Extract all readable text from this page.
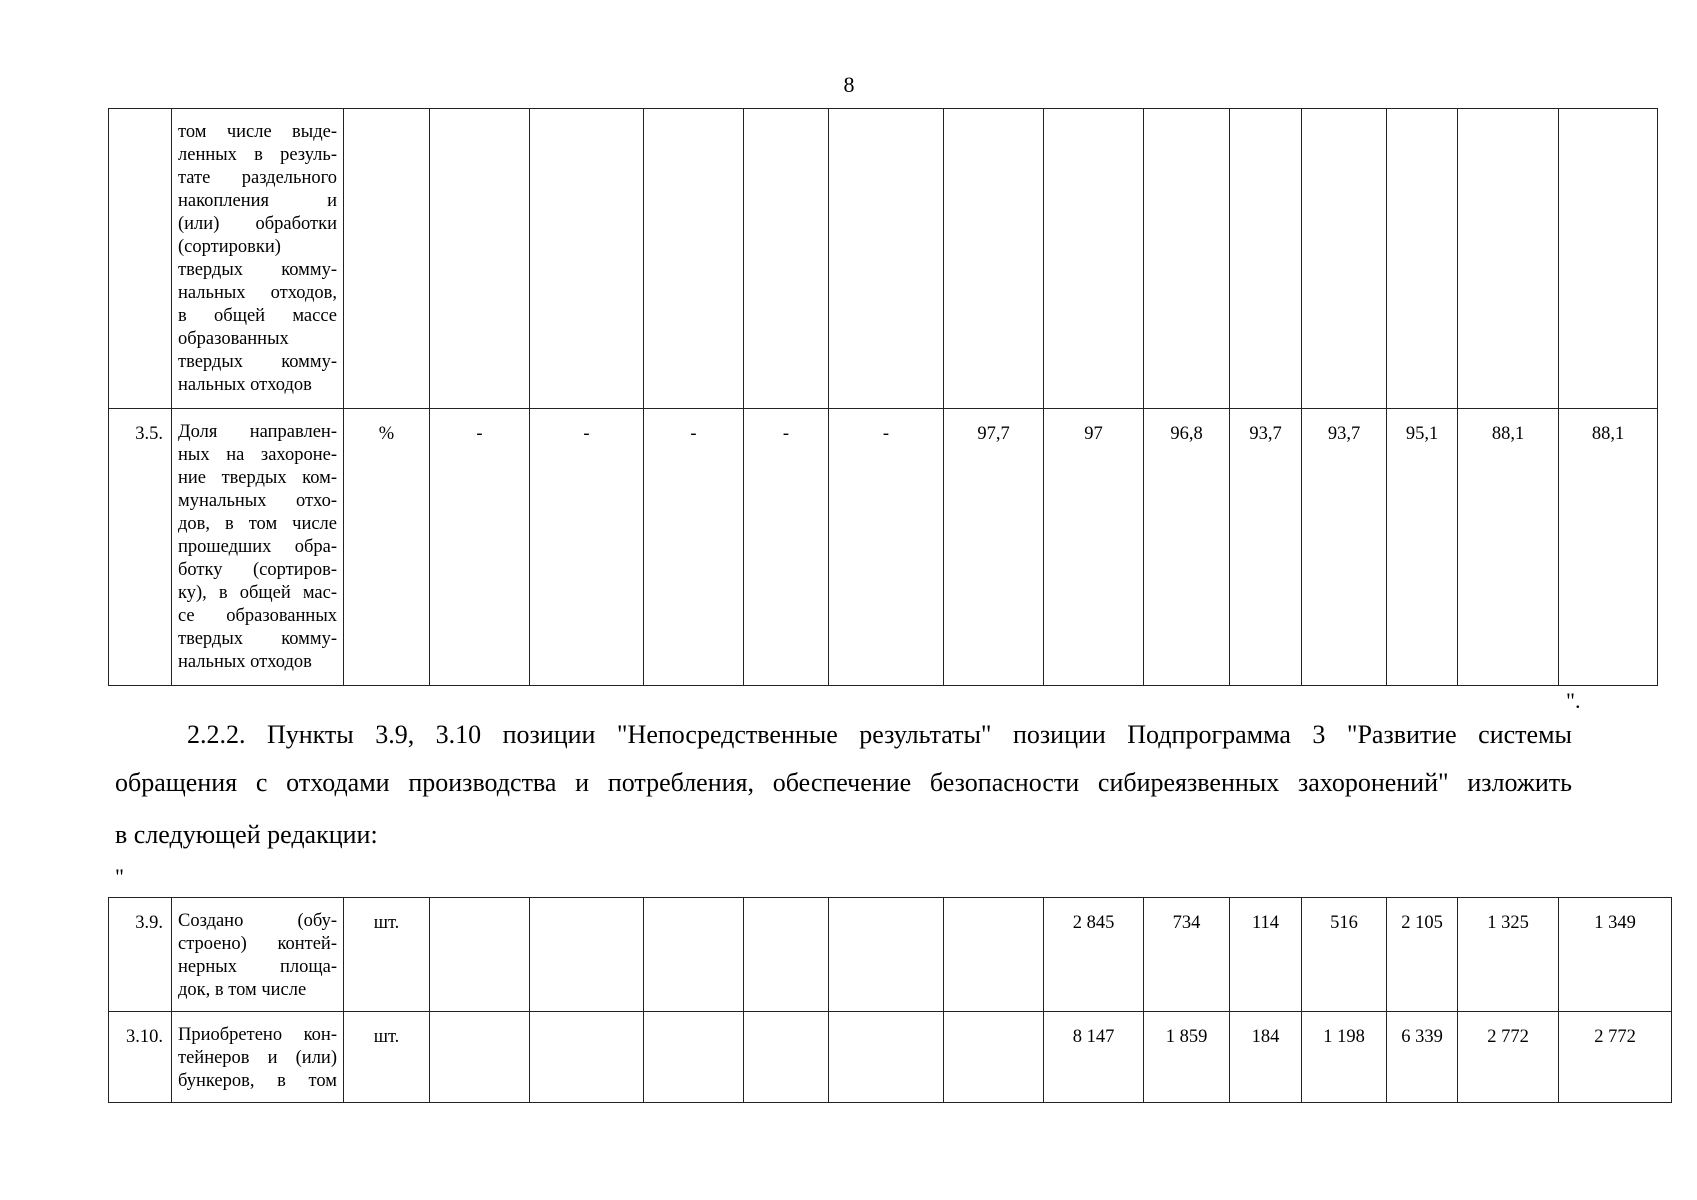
8

том числе выде-
ленных в резуль-
тате раздельного
накопления и
(или) обработки
(сортировки)
твердых комму-
нальных отходов,
в общей массе
образованных
твердых комму-
нальных отходов

3.5.	Доля направлен-
ных на захороне-
ние твердых ком-
мунальных отхо-
дов, в том числе
прошедших обра-
ботку (сортиров-
ку), в общей мас-
се образованных
твердых комму-
нальных отходов
	%	-	-	-	-	-	97,7	97	96,8	93,7	93,7	95,1	88,1	88,1
".
2.2.2. Пункты 3.9, 3.10 позиции "Непосредственные результаты" позиции Подпрограмма 3 "Развитие системы
обращения с отходами производства и потребления, обеспечение безопасности сибиреязвенных захоронений" изложить
в следующей редакции:
"
3.9.	Создано (обу-
строено) контей-
нерных площа-
док, в том числе	шт.							2 845	734	114	516	2 105	1 325	1 349
3.10.	Приобретено кон-
тейнеров и (или)
бункеров, в том	шт.							8 147	1 859	184	1 198	6 339	2 772	2 772
